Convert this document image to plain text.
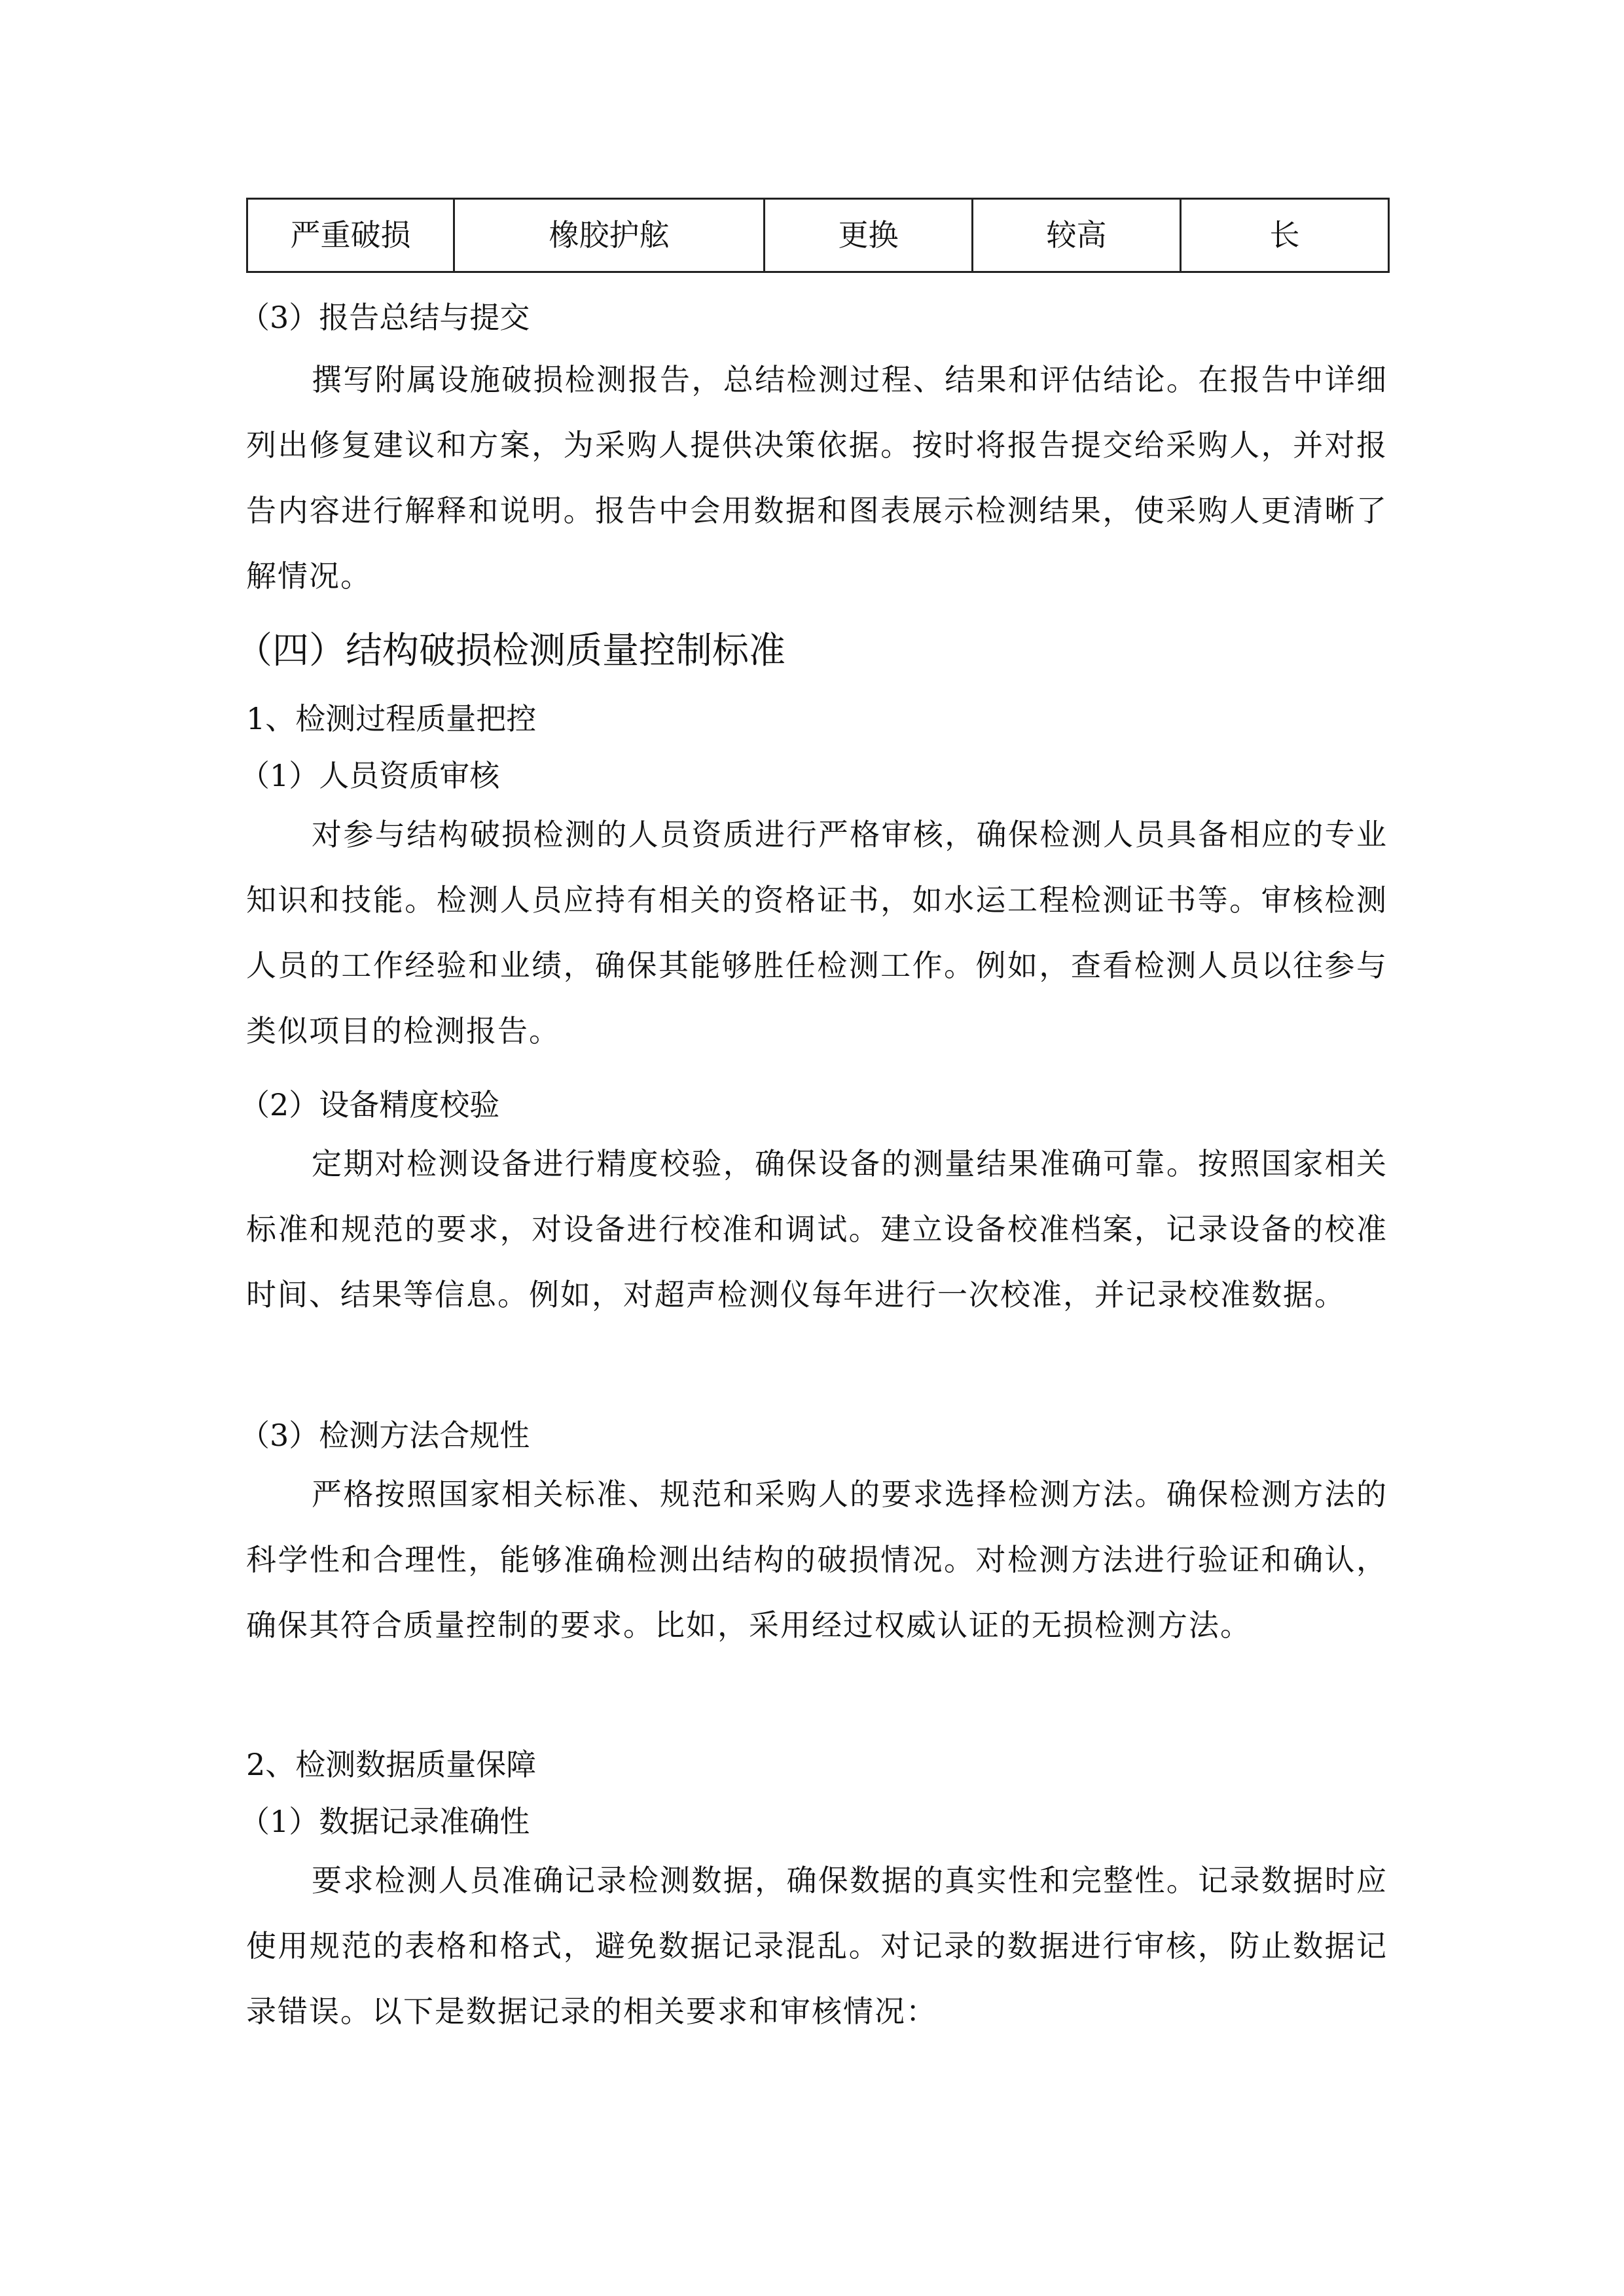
严重破损	橡胶护舷	更换	较高	长
（3）报告总结与提交

撰写附属设施破损检测报告，总结检测过程、结果和评估结论。在报告中详细列出修复建议和方案，为采购人提供决策依据。按时将报告提交给采购人，并对报告内容进行解释和说明。报告中会用数据和图表展示检测结果，使采购人更清晰了解情况。

（四）结构破损检测质量控制标准
1、检测过程质量把控
（1）人员资质审核

对参与结构破损检测的人员资质进行严格审核，确保检测人员具备相应的专业知识和技能。检测人员应持有相关的资格证书，如水运工程检测证书等。审核检测人员的工作经验和业绩，确保其能够胜任检测工作。例如，查看检测人员以往参与类似项目的检测报告。

（2）设备精度校验

定期对检测设备进行精度校验，确保设备的测量结果准确可靠。按照国家相关标准和规范的要求，对设备进行校准和调试。建立设备校准档案，记录设备的校准时间、结果等信息。例如，对超声检测仪每年进行一次校准，并记录校准数据。

（3）检测方法合规性

严格按照国家相关标准、规范和采购人的要求选择检测方法。确保检测方法的科学性和合理性，能够准确检测出结构的破损情况。对检测方法进行验证和确认，确保其符合质量控制的要求。比如，采用经过权威认证的无损检测方法。

2、检测数据质量保障
（1）数据记录准确性

要求检测人员准确记录检测数据，确保数据的真实性和完整性。记录数据时应使用规范的表格和格式，避免数据记录混乱。对记录的数据进行审核，防止数据记录错误。以下是数据记录的相关要求和审核情况：
